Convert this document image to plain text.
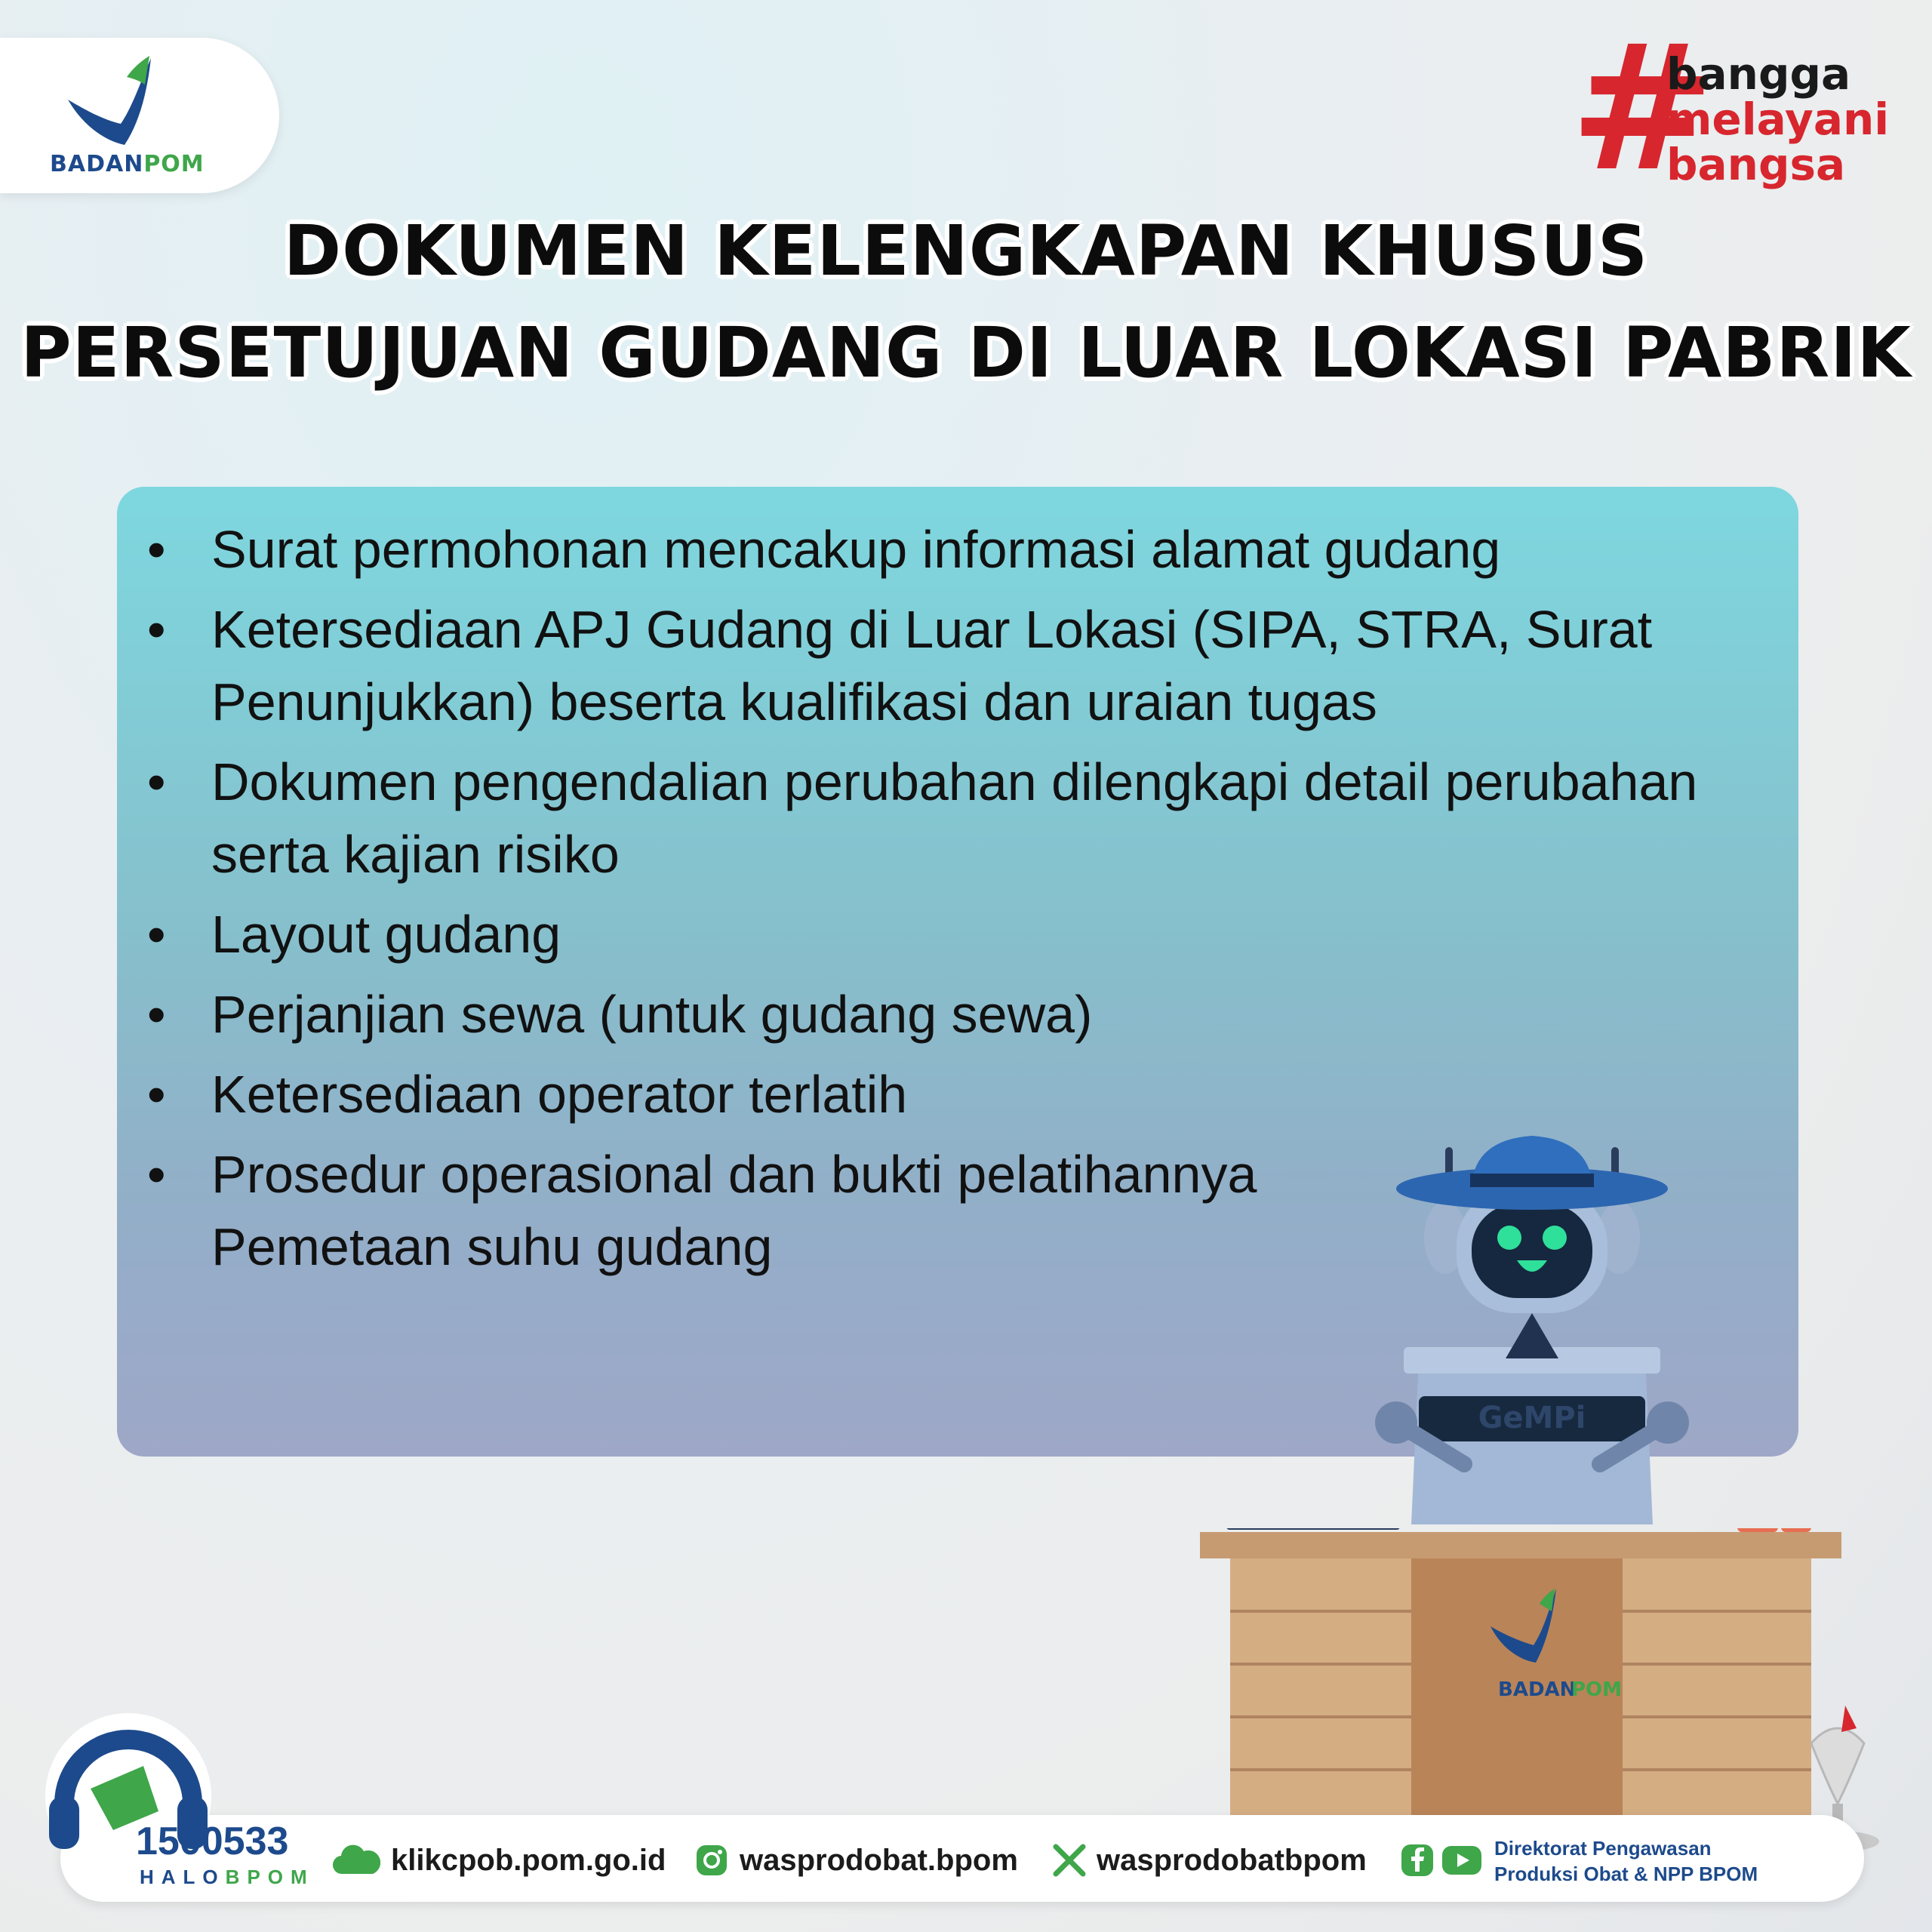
BADANPOM	#
bangga
melayani
bangsa
DOKUMEN KELENGKAPAN KHUSUS
PERSETUJUAN GUDANG DI LUAR LOKASI PABRIK
• Surat permohonan mencakup informasi alamat gudang
• Ketersediaan APJ Gudang di Luar Lokasi (SIPA, STRA, Surat Penunjukkan) beserta kualifikasi dan uraian tugas
• Dokumen pengendalian perubahan dilengkapi detail perubahan serta kajian risiko
• Layout gudang
• Perjanjian sewa (untuk gudang sewa)
• Ketersediaan operator terlatih
• Prosedur operasional dan bukti pelatihannya Pemetaan suhu gudang
GeMPi
BADAN
POM
1500533
HALOBPOM
klikcpob.pom.go.id wasprodobat.bpom	wasprodobatbpom	Direktorat Pengawasan
Produksi Obat & NPP BPOM
